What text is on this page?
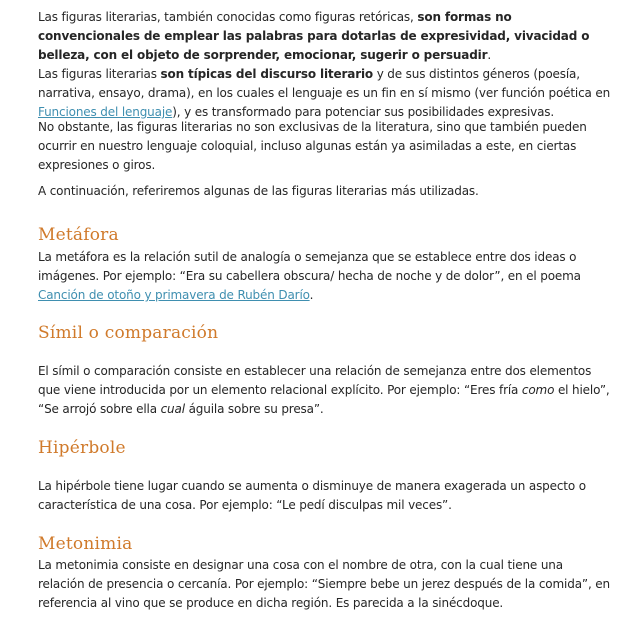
Las figuras literarias, también conocidas como figuras retóricas, son formas no convencionales de emplear las palabras para dotarlas de expresividad, vivacidad o belleza, con el objeto de sorprender, emocionar, sugerir o persuadir.

Las figuras literarias son típicas del discurso literario y de sus distintos géneros (poesía, narrativa, ensayo, drama), en los cuales el lenguaje es un fin en sí mismo (ver función poética en Funciones del lenguaje), y es transformado para potenciar sus posibilidades expresivas.

No obstante, las figuras literarias no son exclusivas de la literatura, sino que también pueden ocurrir en nuestro lenguaje coloquial, incluso algunas están ya asimiladas a este, en ciertas expresiones o giros.

A continuación, referiremos algunas de las figuras literarias más utilizadas.

Metáfora

La metáfora es la relación sutil de analogía o semejanza que se establece entre dos ideas o imágenes. Por ejemplo: “Era su cabellera obscura/ hecha de noche y de dolor”, en el poema Canción de otoño y primavera de Rubén Darío.

Símil o comparación

El símil o comparación consiste en establecer una relación de semejanza entre dos elementos que viene introducida por un elemento relacional explícito. Por ejemplo: “Eres fría como el hielo”, “Se arrojó sobre ella cual águila sobre su presa”.

Hipérbole

La hipérbole tiene lugar cuando se aumenta o disminuye de manera exagerada un aspecto o característica de una cosa. Por ejemplo: “Le pedí disculpas mil veces”.

Metonimia

La metonimia consiste en designar una cosa con el nombre de otra, con la cual tiene una relación de presencia o cercanía. Por ejemplo: “Siempre bebe un jerez después de la comida”, en referencia al vino que se produce en dicha región. Es parecida a la sinécdoque.
